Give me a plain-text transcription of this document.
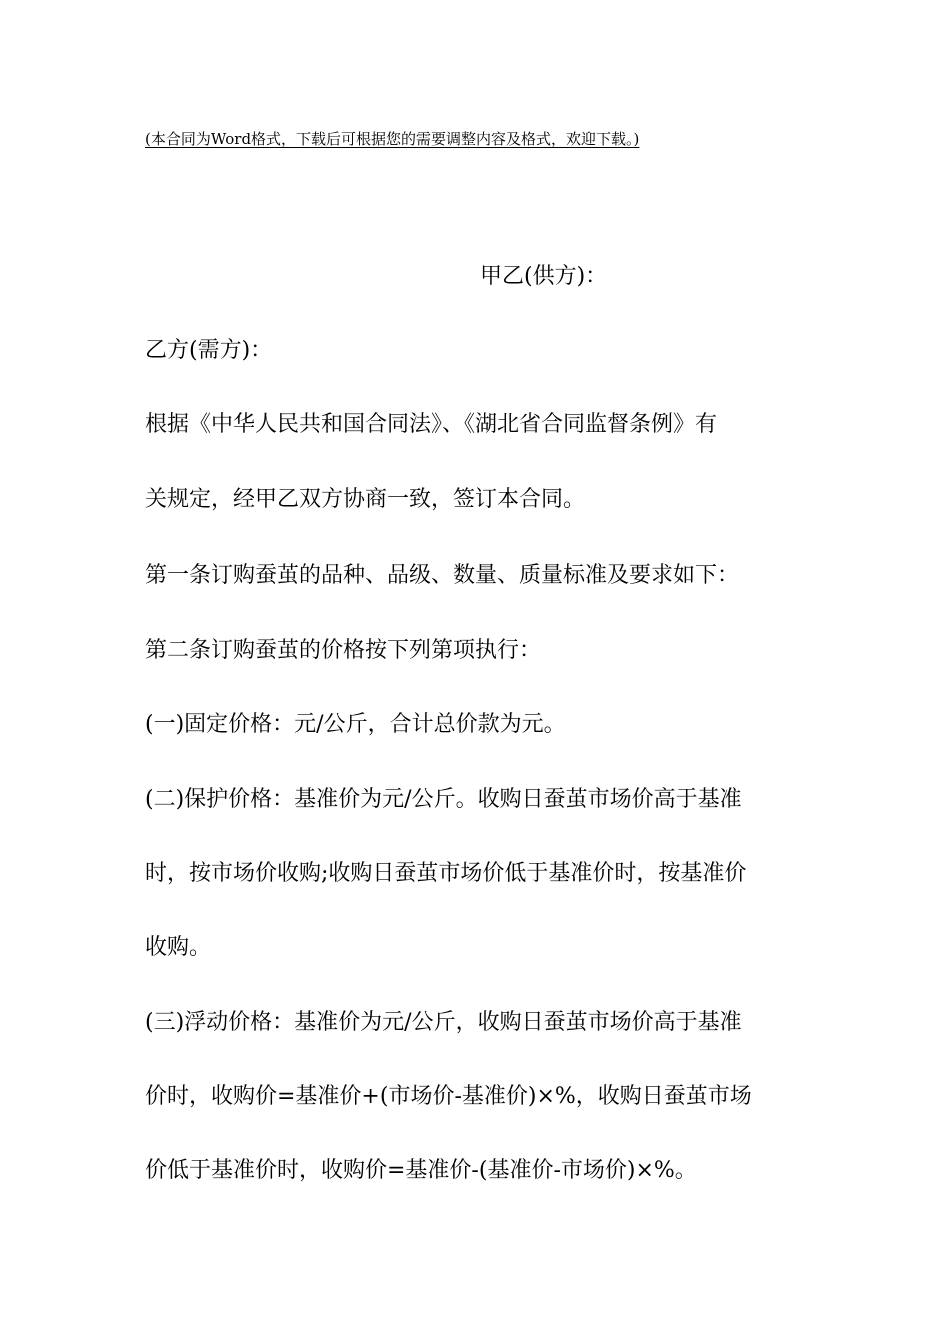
(本合同为Word格式，下载后可根据您的需要调整内容及格式，欢迎下载。)
甲乙(供方)：
乙方(需方)：
根据《中华人民共和国合同法》、《湖北省合同监督条例》有
关规定，经甲乙双方协商一致，签订本合同。
第一条订购蚕茧的品种、品级、数量、质量标准及要求如下：
第二条订购蚕茧的价格按下列第项执行：
(一)固定价格：元/公斤，合计总价款为元。
(二)保护价格：基准价为元/公斤。收购日蚕茧市场价高于基准
时，按市场价收购;收购日蚕茧市场价低于基准价时，按基准价
收购。
(三)浮动价格：基准价为元/公斤，收购日蚕茧市场价高于基准
价时，收购价=基准价+(市场价-基准价)×%，收购日蚕茧市场
价低于基准价时，收购价=基准价-(基准价-市场价)×%。
